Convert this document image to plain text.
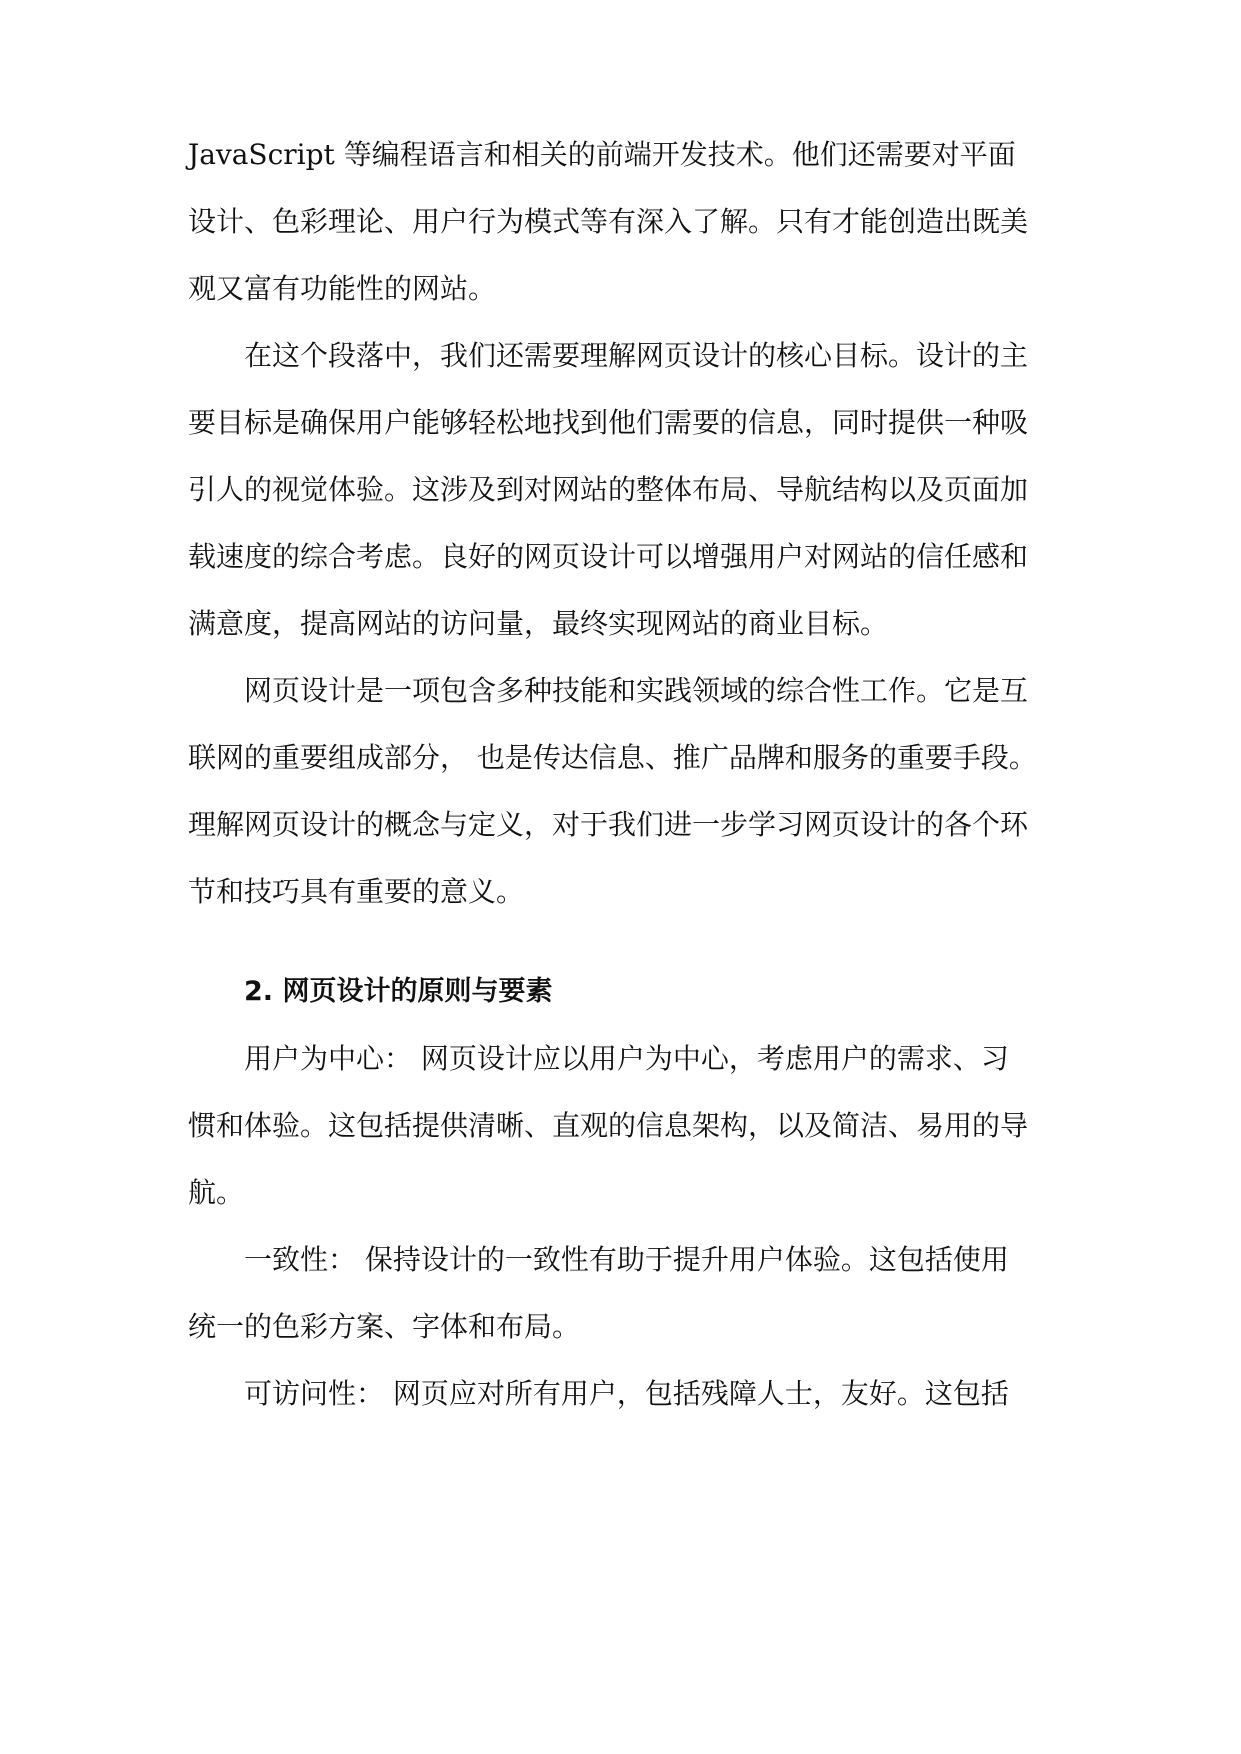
JavaScript 等编程语言和相关的前端开发技术。他们还需要对平面
设计、色彩理论、用户行为模式等有深入了解。只有才能创造出既美
观又富有功能性的网站。
在这个段落中，我们还需要理解网页设计的核心目标。设计的主
要目标是确保用户能够轻松地找到他们需要的信息，同时提供一种吸
引人的视觉体验。这涉及到对网站的整体布局、导航结构以及页面加
载速度的综合考虑。良好的网页设计可以增强用户对网站的信任感和
满意度，提高网站的访问量，最终实现网站的商业目标。
网页设计是一项包含多种技能和实践领域的综合性工作。它是互
联网的重要组成部分， 也是传达信息、推广品牌和服务的重要手段。
理解网页设计的概念与定义，对于我们进一步学习网页设计的各个环
节和技巧具有重要的意义。
2. 网页设计的原则与要素
用户为中心： 网页设计应以用户为中心，考虑用户的需求、习
惯和体验。这包括提供清晰、直观的信息架构，以及简洁、易用的导
航。
一致性： 保持设计的一致性有助于提升用户体验。这包括使用
统一的色彩方案、字体和布局。
可访问性： 网页应对所有用户，包括残障人士，友好。这包括
